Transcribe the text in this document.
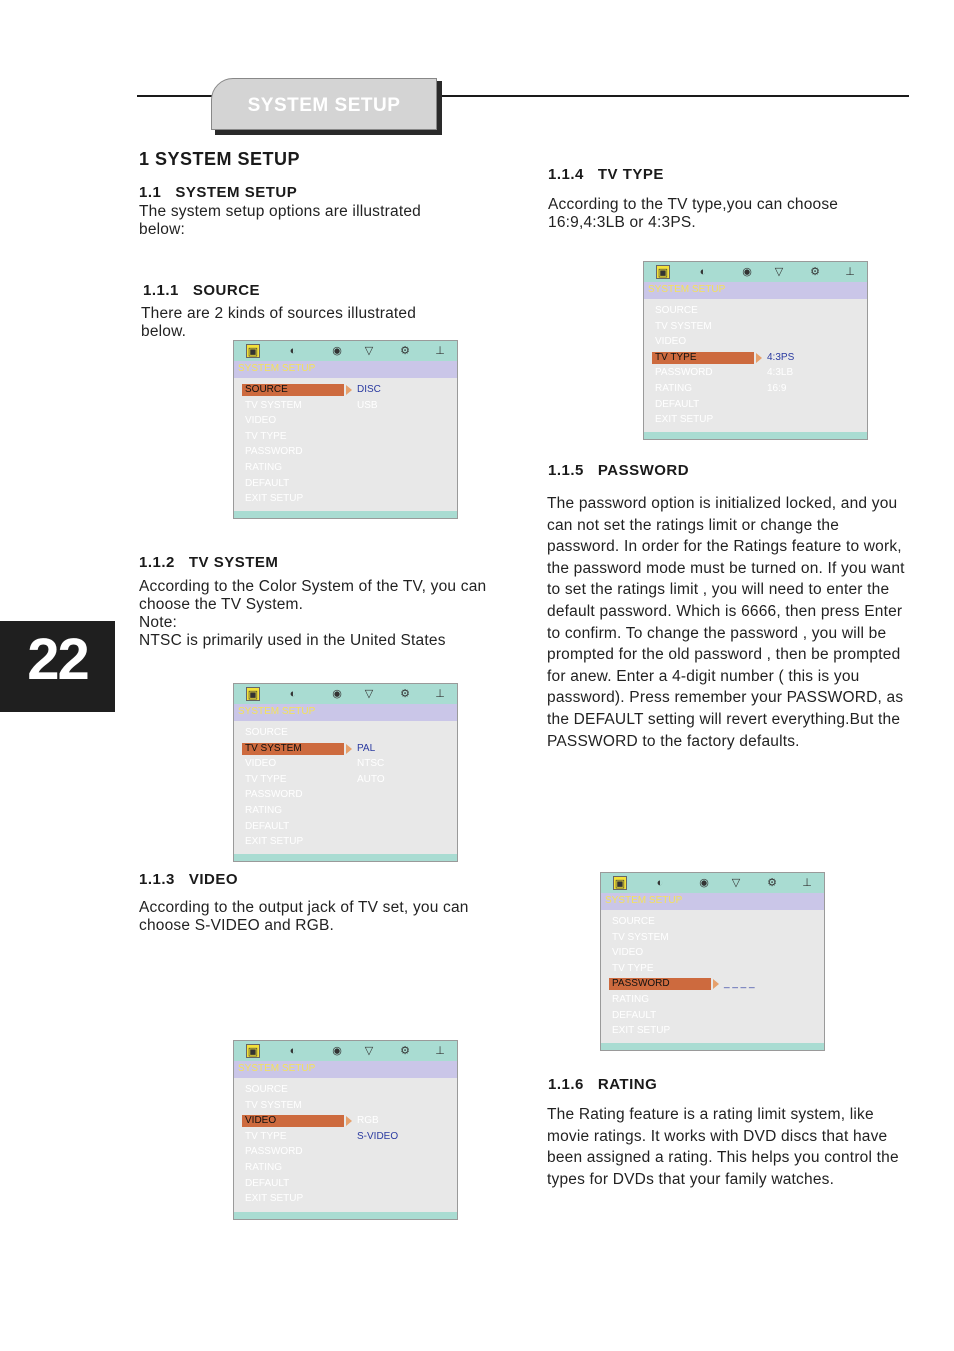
SYSTEM SETUP
22
1 SYSTEM SETUP
1.1   SYSTEM SETUP
The system setup options are illustrated below:
1.1.1   SOURCE
There are 2 kinds of sources illustrated below.
▣	◐	◉ ▽ ⚙ ⊥
SYSTEM SETUP
SOURCE
TV SYSTEM
VIDEO
TV TYPE
PASSWORD
RATING
DEFAULT
EXIT SETUP
DISC
USB
1.1.2   TV SYSTEM
According to the Color System of the TV, you can choose the TV System.
Note:
NTSC is primarily used in the United States
▣	◐	◉ ▽ ⚙ ⊥
SYSTEM SETUP
SOURCE
TV SYSTEM
VIDEO
TV TYPE
PASSWORD
RATING
DEFAULT
EXIT SETUP
PAL
NTSC
AUTO
1.1.3   VIDEO
According to the output jack of TV set, you can choose S-VIDEO and RGB.
▣	◐	◉ ▽ ⚙ ⊥
SYSTEM SETUP
SOURCE
TV SYSTEM
VIDEO
TV TYPE
PASSWORD
RATING
DEFAULT
EXIT SETUP
RGB
S-VIDEO
1.1.4   TV TYPE
According to the TV type,you can choose 16:9,4:3LB or 4:3PS.
▣	◐	◉ ▽ ⚙ ⊥
SYSTEM SETUP
SOURCE
TV SYSTEM
VIDEO
TV TYPE
PASSWORD
RATING
DEFAULT
EXIT SETUP
4:3PS
4:3LB
16:9
1.1.5   PASSWORD
The password option is initialized locked, and you can not set the ratings limit or change the password. In order for the Ratings feature to work, the password mode must be turned on. If you want to set the ratings limit , you will need to enter the default password. Which is 6666, then press Enter to confirm. To change the password , you will be prompted for the old password , then be prompted for anew. Enter a 4-digit number ( this is you password). Press remember your PASSWORD, as the DEFAULT setting will revert everything.But the PASSWORD to the factory defaults.
▣	◐	◉ ▽ ⚙ ⊥
SYSTEM SETUP
SOURCE
TV SYSTEM
VIDEO
TV TYPE
PASSWORD
RATING
DEFAULT
EXIT SETUP
_ _ _ _
1.1.6   RATING
The Rating feature is a rating limit system, like movie ratings. It works with DVD discs that have been assigned a rating. This helps you control the types for DVDs that your family watches.
